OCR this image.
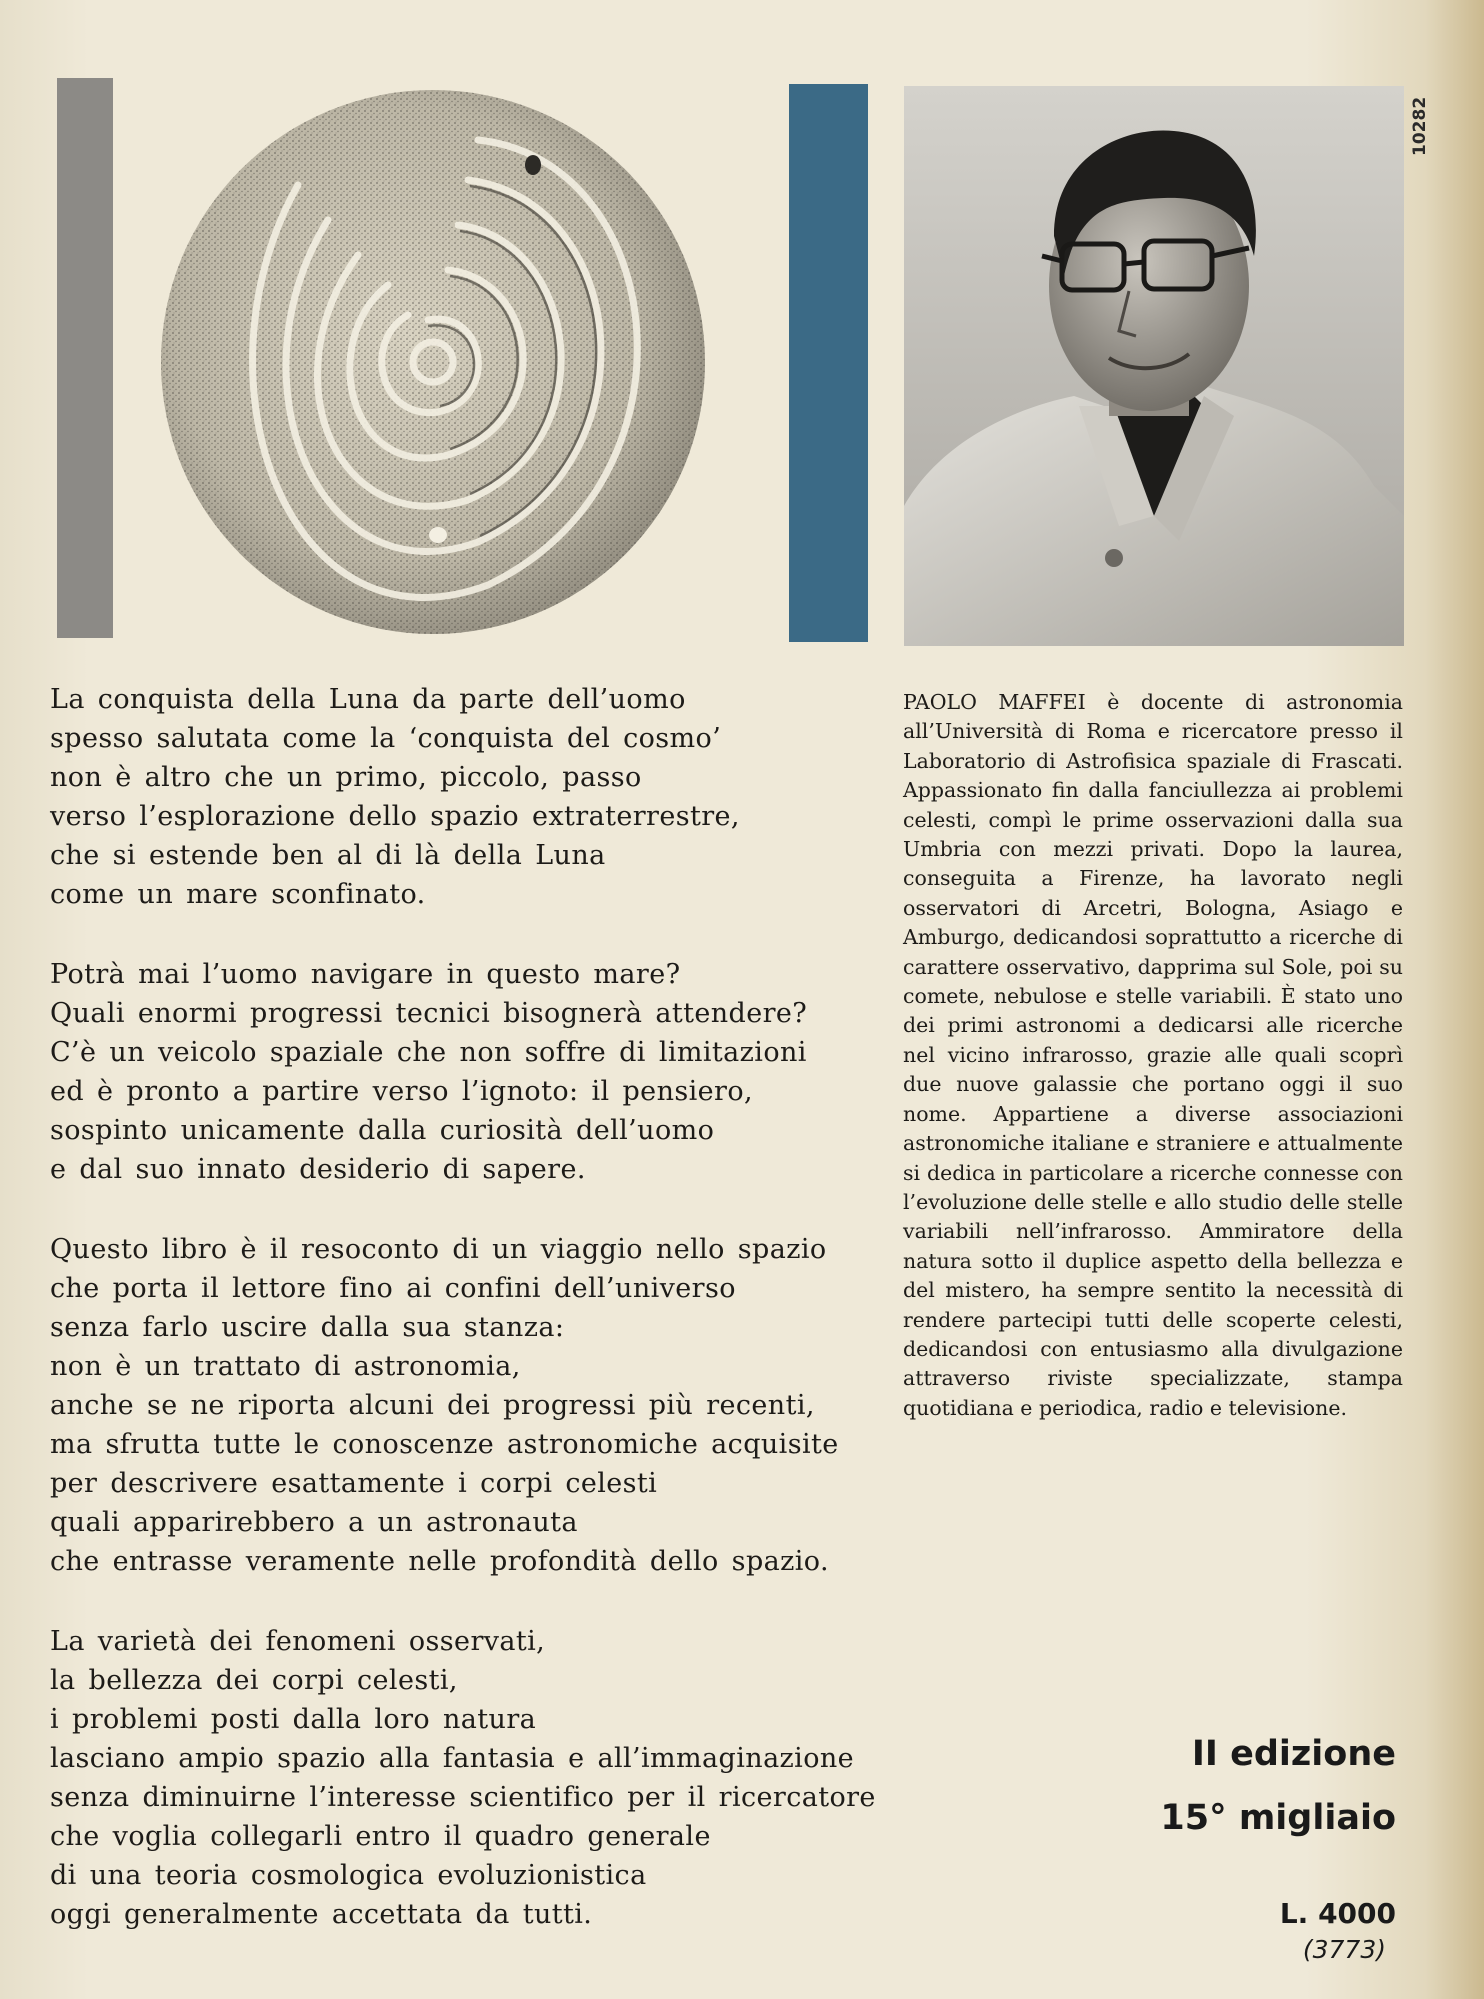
10282
La conquista della Luna da parte dell’uomo
spesso salutata come la ‘conquista del cosmo’
non è altro che un primo, piccolo, passo
verso l’esplorazione dello spazio extraterrestre,
che si estende ben al di là della Luna
come un mare sconfinato.
Potrà mai l’uomo navigare in questo mare?
Quali enormi progressi tecnici bisognerà attendere?
C’è un veicolo spaziale che non soffre di limitazioni
ed è pronto a partire verso l’ignoto: il pensiero,
sospinto unicamente dalla curiosità dell’uomo
e dal suo innato desiderio di sapere.
Questo libro è il resoconto di un viaggio nello spazio
che porta il lettore fino ai confini dell’universo
senza farlo uscire dalla sua stanza:
non è un trattato di astronomia,
anche se ne riporta alcuni dei progressi più recenti,
ma sfrutta tutte le conoscenze astronomiche acquisite
per descrivere esattamente i corpi celesti
quali apparirebbero a un astronauta
che entrasse veramente nelle profondità dello spazio.
La varietà dei fenomeni osservati,
la bellezza dei corpi celesti,
i problemi posti dalla loro natura
lasciano ampio spazio alla fantasia e all’immaginazione
senza diminuirne l’interesse scientifico per il ricercatore
che voglia collegarli entro il quadro generale
di una teoria cosmologica evoluzionistica
oggi generalmente accettata da tutti.
PAOLO MAFFEI è docente di astronomia all’Università di Roma e ricercatore presso il Laboratorio di Astrofisica spaziale di Frascati. Appassionato fin dalla fanciullezza ai problemi celesti, compì le prime osservazioni dalla sua Umbria con mezzi privati. Dopo la laurea, conseguita a Firenze, ha lavorato negli osservatori di Arcetri, Bologna, Asiago e Amburgo, dedicandosi soprattutto a ricerche di carattere osservativo, dapprima sul Sole, poi su comete, nebulose e stelle variabili. È stato uno dei primi astronomi a dedicarsi alle ricerche nel vicino infrarosso, grazie alle quali scoprì due nuove galassie che portano oggi il suo nome. Appartiene a diverse associazioni astronomiche italiane e straniere e attualmente si dedica in particolare a ricerche connesse con l’evoluzione delle stelle e allo studio delle stelle variabili nell’infrarosso. Ammiratore della natura sotto il duplice aspetto della bellezza e del mistero, ha sempre sentito la necessità di rendere partecipi tutti delle scoperte celesti, dedicandosi con entusiasmo alla divulgazione attraverso riviste specializzate, stampa quotidiana e periodica, radio e televisione.
II edizione
15° migliaio
L. 4000
(3773)
